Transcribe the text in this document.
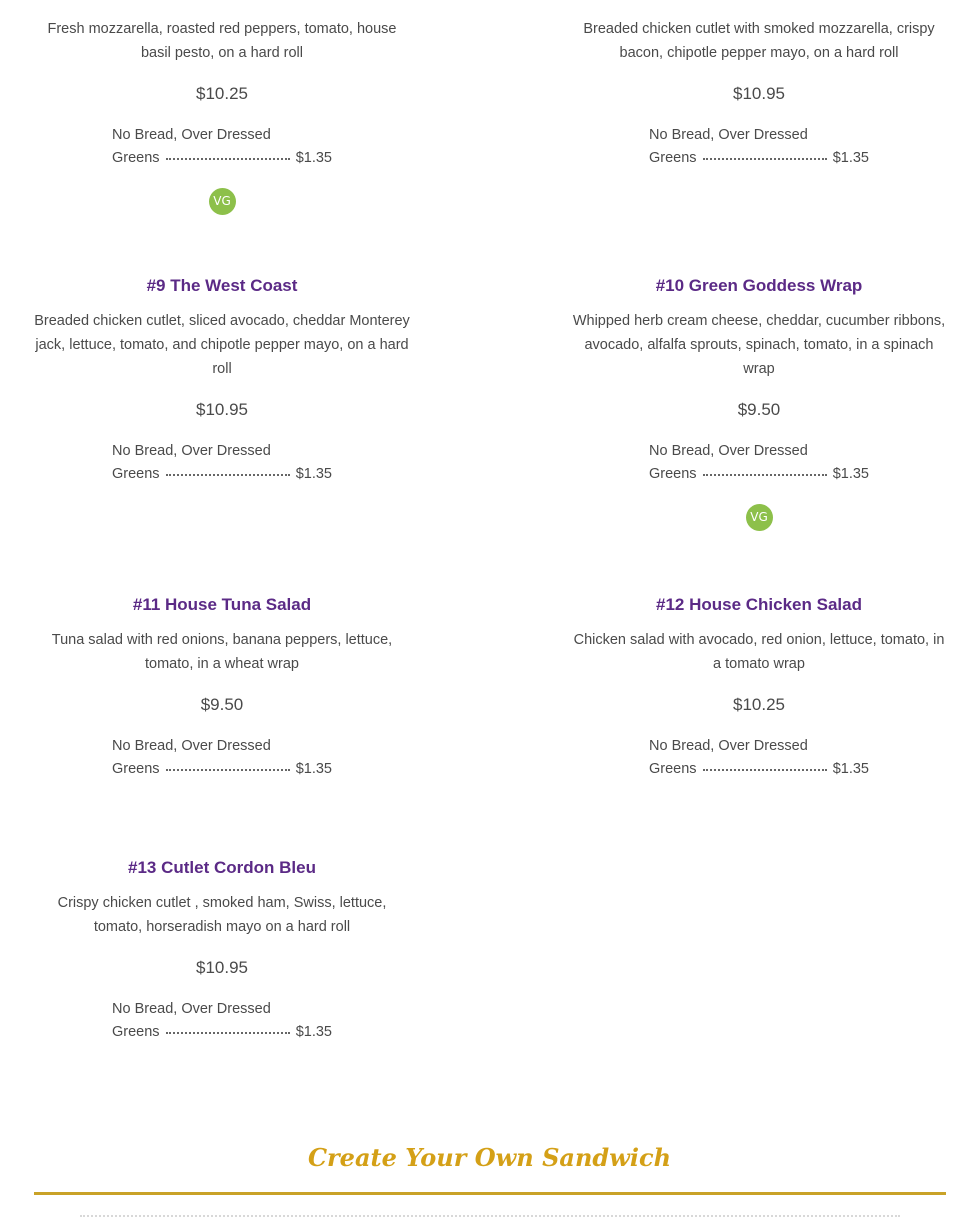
Fresh mozzarella, roasted red peppers, tomato, house basil pesto, on a hard roll
$10.25
No Bread, Over Dressed
Greens	$1.35
VG
Breaded chicken cutlet with smoked mozzarella, crispy bacon, chipotle pepper mayo, on a hard roll
$10.95
No Bread, Over Dressed
Greens	$1.35
#9 The West Coast
Breaded chicken cutlet, sliced avocado, cheddar Monterey jack, lettuce, tomato, and chipotle pepper mayo, on a hard roll
$10.95
No Bread, Over Dressed
Greens	$1.35
#10 Green Goddess Wrap
Whipped herb cream cheese, cheddar, cucumber ribbons, avocado, alfalfa sprouts, spinach, tomato, in a spinach wrap
$9.50
No Bread, Over Dressed
Greens	$1.35
VG
#11 House Tuna Salad
Tuna salad with red onions, banana peppers, lettuce, tomato, in a wheat wrap
$9.50
No Bread, Over Dressed
Greens	$1.35
#12 House Chicken Salad
Chicken salad with avocado, red onion, lettuce, tomato, in a tomato wrap
$10.25
No Bread, Over Dressed
Greens	$1.35
#13 Cutlet Cordon Bleu
Crispy chicken cutlet , smoked ham, Swiss, lettuce, tomato, horseradish mayo on a hard roll
$10.95
No Bread, Over Dressed
Greens	$1.35
Create Your Own Sandwich
